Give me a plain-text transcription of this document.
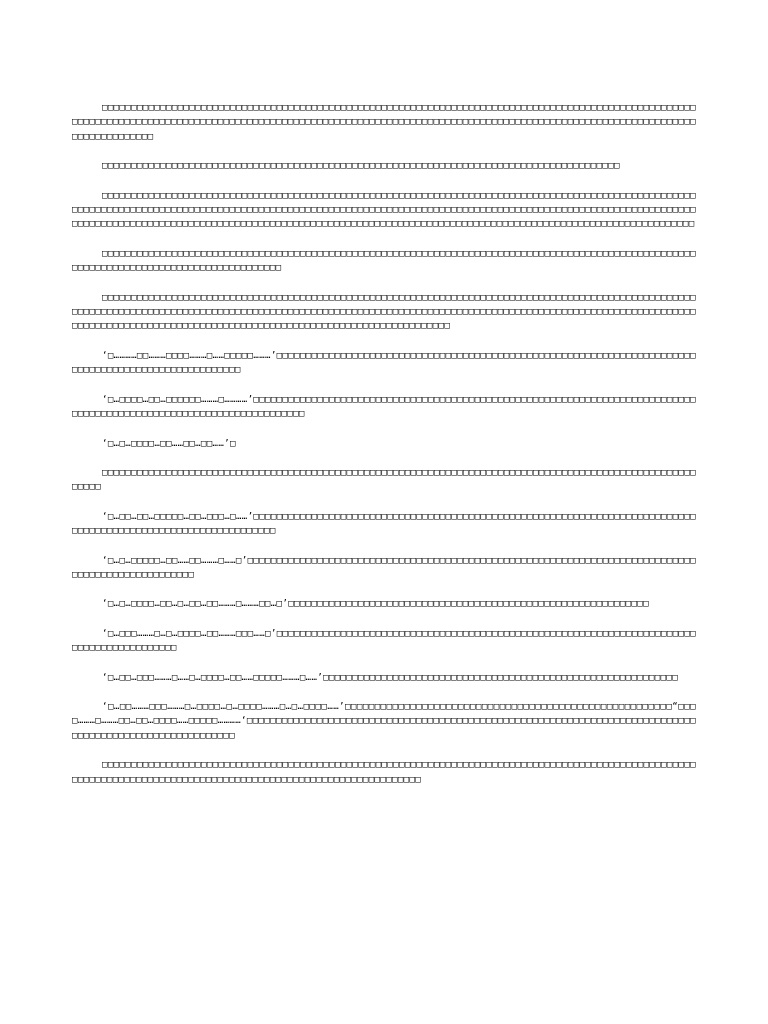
□□□□□□□□□□□□□□□□□□□□□□□□□□□□□□□□□□□□□□□□□□□□□□□□□□□□□□□□□□□□□□□□□□□□□□□□□□□□□□□□□□□□□□□□□□□□□□□□□□□□□□□□□□□□□□□□□□□□□□□□□□□□□□□□□□□□□□□□□□□□□□□□□□□□□□□□□□□□□□□□□□□□□□□□□□□□□□□□□□□□□□□□□□□□□□□□□□□□□□□□□□□□□□□□□□□□□□□□□□□□□□□

□□□□□□□□□□□□□□□□□□□□□□□□□□□□□□□□□□□□□□□□□□□□□□□□□□□□□□□□□□□□□□□□□□□□□□□□□□□□□□□□□□□□□□□□□

□□□□□□□□□□□□□□□□□□□□□□□□□□□□□□□□□□□□□□□□□□□□□□□□□□□□□□□□□□□□□□□□□□□□□□□□□□□□□□□□□□□□□□□□□□□□□□□□□□□□□□□□□□□□□□□□□□□□□□□□□□□□□□□□□□□□□□□□□□□□□□□□□□□□□□□□□□□□□□□□□□□□□□□□□□□□□□□□□□□□□□□□□□□□□□□□□□□□□□□□□□□□□□□□□□□□□□□□□□□□□□□□□□□□□□□□□□□□□□□□□□□□□□□□□□□□□□□□□□□□□□□□□□□□□□□□□□□□□□□□□□□□□□□□□□□□□□□□□□□□□□□□□□□□□□□□□□□□

□□□□□□□□□□□□□□□□□□□□□□□□□□□□□□□□□□□□□□□□□□□□□□□□□□□□□□□□□□□□□□□□□□□□□□□□□□□□□□□□□□□□□□□□□□□□□□□□□□□□□□□□□□□□□□□□□□□□□□□□□□□□□□□□□□□□□□□□□□

□□□□□□□□□□□□□□□□□□□□□□□□□□□□□□□□□□□□□□□□□□□□□□□□□□□□□□□□□□□□□□□□□□□□□□□□□□□□□□□□□□□□□□□□□□□□□□□□□□□□□□□□□□□□□□□□□□□□□□□□□□□□□□□□□□□□□□□□□□□□□□□□□□□□□□□□□□□□□□□□□□□□□□□□□□□□□□□□□□□□□□□□□□□□□□□□□□□□□□□□□□□□□□□□□□□□□□□□□□□□□□□□□□□□□□□□□□□□□□□□□□□□□□□□□□□□□□□□□□□□□□□□□□□□□□□□□□

‘□…………□□………□□□□………□……□□□□□………’□□□□□□□□□□□□□□□□□□□□□□□□□□□□□□□□□□□□□□□□□□□□□□□□□□□□□□□□□□□□□□□□□□□□□□□□□□□□□□□□□□□□□□□□□□□□□□□□□□□□□

‘□…□□□□…□□…□□□□□□………□…………’□□□□□□□□□□□□□□□□□□□□□□□□□□□□□□□□□□□□□□□□□□□□□□□□□□□□□□□□□□□□□□□□□□□□□□□□□□□□□□□□□□□□□□□□□□□□□□□□□□□□□□□□□□□□□□□□□□□□

‘□…□…□□□□…□□……□□…□□……’□

□□□□□□□□□□□□□□□□□□□□□□□□□□□□□□□□□□□□□□□□□□□□□□□□□□□□□□□□□□□□□□□□□□□□□□□□□□□□□□□□□□□□□□□□□□□□□□□□□□□□□□□□□□□

‘□…□□…□□…□□□□□…□□…□□□…□……’□□□□□□□□□□□□□□□□□□□□□□□□□□□□□□□□□□□□□□□□□□□□□□□□□□□□□□□□□□□□□□□□□□□□□□□□□□□□□□□□□□□□□□□□□□□□□□□□□□□□□□□□□□□□□□□

‘□…□…□□□□□…□□……□□………□……□’□□□□□□□□□□□□□□□□□□□□□□□□□□□□□□□□□□□□□□□□□□□□□□□□□□□□□□□□□□□□□□□□□□□□□□□□□□□□□□□□□□□□□□□□□□□□□□□□□□

‘□…□…□□□□…□□…□…□□…□□………□………□□…□’□□□□□□□□□□□□□□□□□□□□□□□□□□□□□□□□□□□□□□□□□□□□□□□□□□□□□□□□□□□□□□

‘□…□□□………□…□…□□□□…□□………□□□……□’□□□□□□□□□□□□□□□□□□□□□□□□□□□□□□□□□□□□□□□□□□□□□□□□□□□□□□□□□□□□□□□□□□□□□□□□□□□□□□□□□□□□□□□□□□

‘□…□□…□□□………□……□…□□□□…□□……□□□□□………□……’□□□□□□□□□□□□□□□□□□□□□□□□□□□□□□□□□□□□□□□□□□□□□□□□□□□□□□□□□□□□□

‘□…□□………□□□………□…□□□□…□…□□□□………□…□…□□□□……’□□□□□□□□□□□□□□□□□□□□□□□□□□□□□□□□□□□□□□□□□□□□□□□□□□□□□□□“□□□□………□………□□…□□…□□□□……□□□□□…………‘□□□□□□□□□□□□□□□□□□□□□□□□□□□□□□□□□□□□□□□□□□□□□□□□□□□□□□□□□□□□□□□□□□□□□□□□□□□□□□□□□□□□□□□□□□□□□□□□□□□□□□□□□

□□□□□□□□□□□□□□□□□□□□□□□□□□□□□□□□□□□□□□□□□□□□□□□□□□□□□□□□□□□□□□□□□□□□□□□□□□□□□□□□□□□□□□□□□□□□□□□□□□□□□□□□□□□□□□□□□□□□□□□□□□□□□□□□□□□□□□□□□□□□□□□□□□□□□□□□□□□□□□□□□□
